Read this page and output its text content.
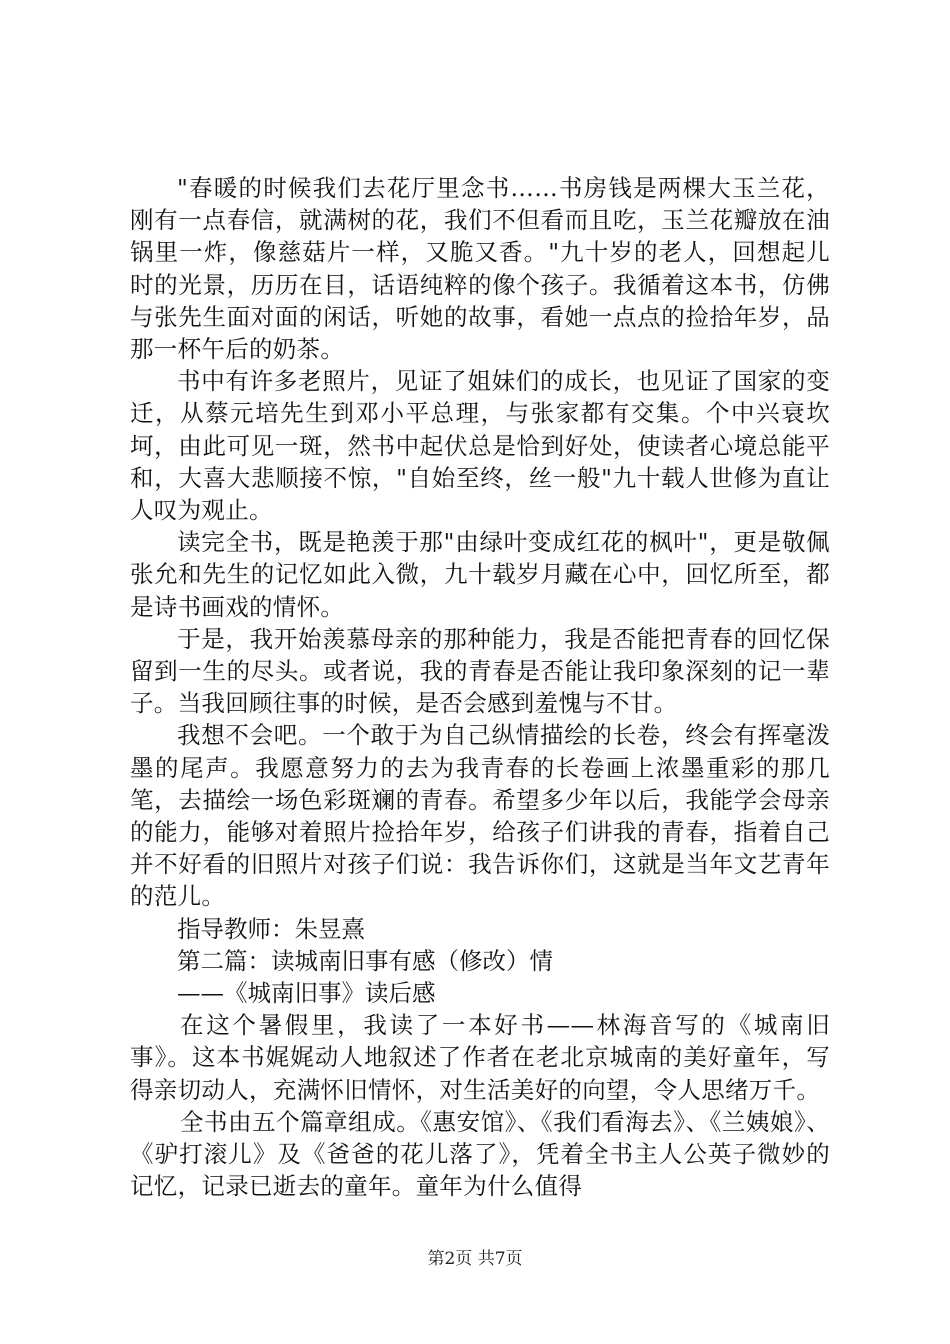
"春暖的时候我们去花厅里念书……书房钱是两棵大玉兰花，刚有一点春信，就满树的花，我们不但看而且吃，玉兰花瓣放在油锅里一炸，像慈菇片一样，又脆又香。"九十岁的老人，回想起儿时的光景，历历在目，话语纯粹的像个孩子。我循着这本书，仿佛与张先生面对面的闲话，听她的故事，看她一点点的捡拾年岁，品那一杯午后的奶茶。

书中有许多老照片，见证了姐妹们的成长，也见证了国家的变迁，从蔡元培先生到邓小平总理，与张家都有交集。个中兴衰坎坷，由此可见一斑，然书中起伏总是恰到好处，使读者心境总能平和，大喜大悲顺接不惊，"自始至终，丝一般"九十载人世修为直让人叹为观止。

读完全书，既是艳羡于那"由绿叶变成红花的枫叶"，更是敬佩张允和先生的记忆如此入微，九十载岁月藏在心中，回忆所至，都是诗书画戏的情怀。

于是，我开始羡慕母亲的那种能力，我是否能把青春的回忆保留到一生的尽头。或者说，我的青春是否能让我印象深刻的记一辈子。当我回顾往事的时候，是否会感到羞愧与不甘。

我想不会吧。一个敢于为自己纵情描绘的长卷，终会有挥毫泼墨的尾声。我愿意努力的去为我青春的长卷画上浓墨重彩的那几笔，去描绘一场色彩斑斓的青春。希望多少年以后，我能学会母亲的能力，能够对着照片捡拾年岁，给孩子们讲我的青春，指着自己并不好看的旧照片对孩子们说：我告诉你们，这就是当年文艺青年的范儿。

指导教师：朱昱熹

第二篇：读城南旧事有感（修改）情

——《城南旧事》读后感

在这个暑假里，我读了一本好书——林海音写的《城南旧事》。这本书娓娓动人地叙述了作者在老北京城南的美好童年，写得亲切动人，充满怀旧情怀，对生活美好的向望，令人思绪万千。

全书由五个篇章组成。《惠安馆》、《我们看海去》、《兰姨娘》、《驴打滚儿》及《爸爸的花儿落了》，凭着全书主人公英子微妙的记忆，记录已逝去的童年。童年为什么值得

第2页 共7页
